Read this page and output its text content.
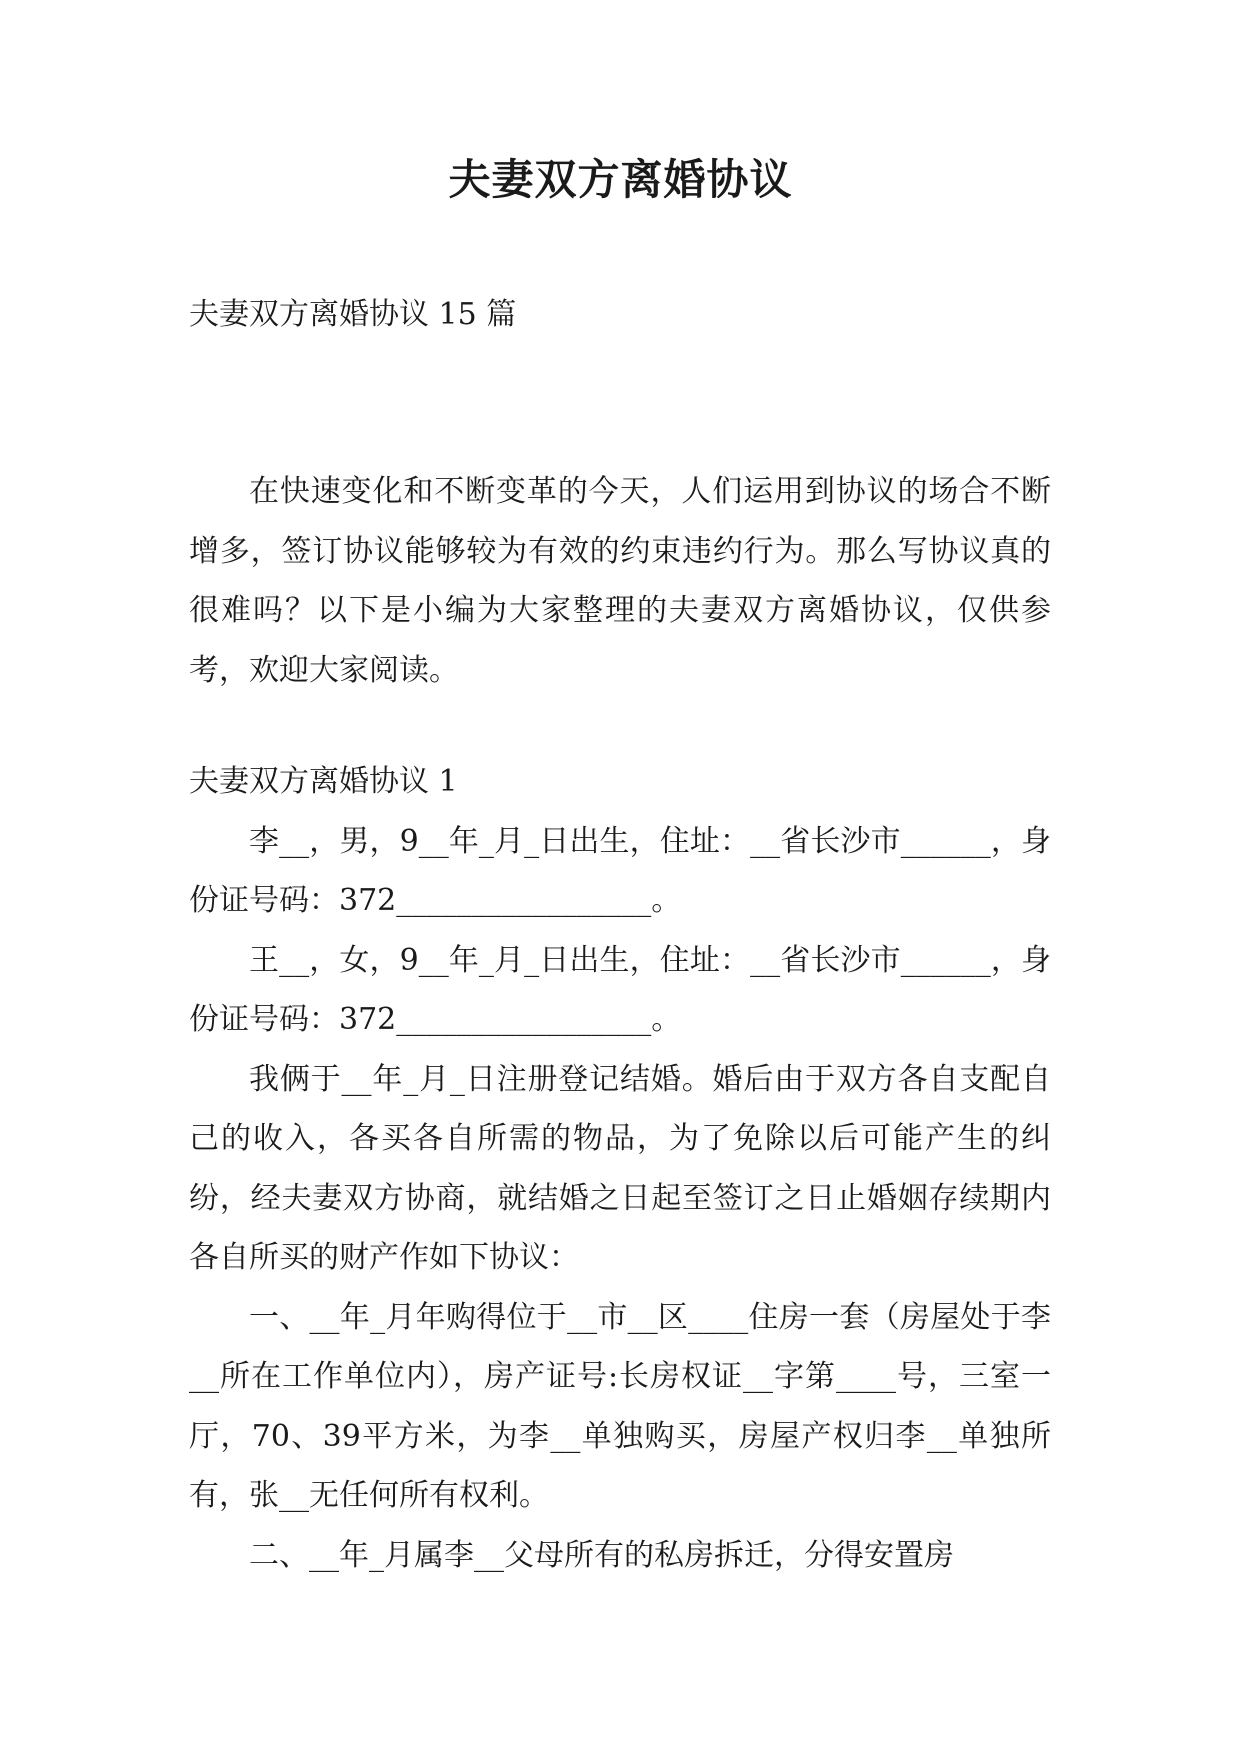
夫妻双方离婚协议
夫妻双方离婚协议 15 篇

在快速变化和不断变革的今天，人们运用到协议的场合不断增多，签订协议能够较为有效的约束违约行为。那么写协议真的很难吗？以下是小编为大家整理的夫妻双方离婚协议，仅供参考，欢迎大家阅读。

夫妻双方离婚协议 1

李__，男，9__年_月_日出生，住址：__省长沙市______，身份证号码：372_________________。

王__，女，9__年_月_日出生，住址：__省长沙市______，身份证号码：372_________________。

我俩于__年_月_日注册登记结婚。婚后由于双方各自支配自己的收入，各买各自所需的物品，为了免除以后可能产生的纠纷，经夫妻双方协商，就结婚之日起至签订之日止婚姻存续期内各自所买的财产作如下协议：

一、__年_月年购得位于__市__区____住房一套（房屋处于李__所在工作单位内），房产证号:长房权证__字第____号，三室一厅，70、39平方米，为李__单独购买，房屋产权归李__单独所有，张__无任何所有权利。

二、__年_月属李__父母所有的私房拆迁，分得安置房
